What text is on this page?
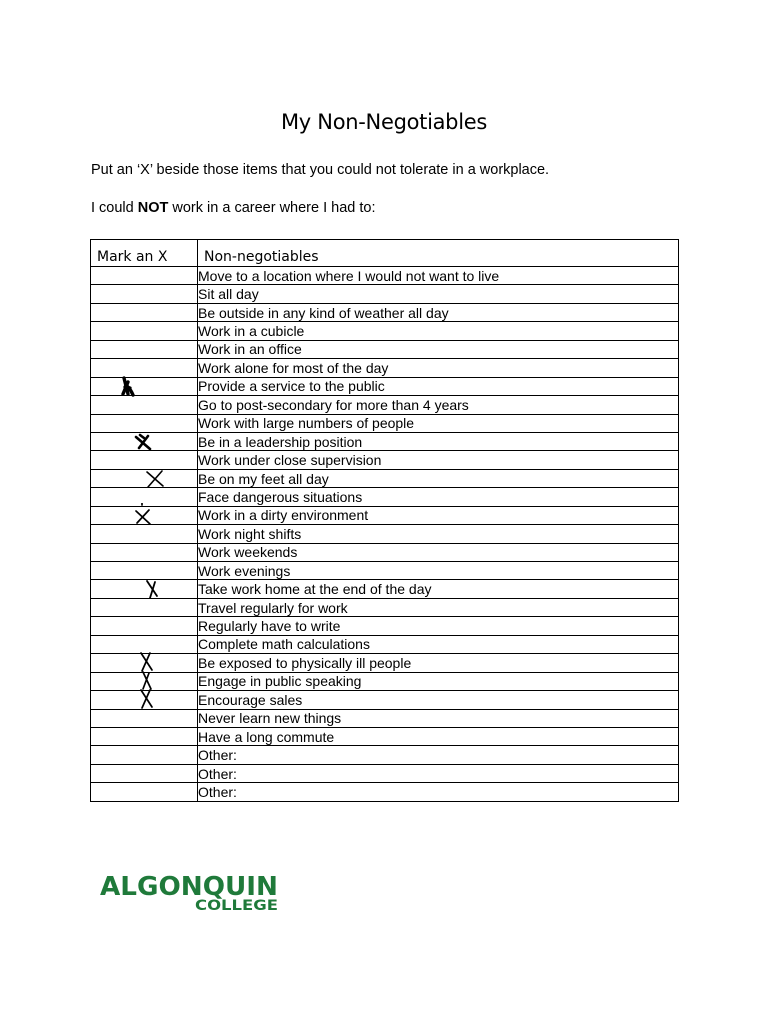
My Non-Negotiables
Put an ‘X’ beside those items that you could not tolerate in a workplace.
I could NOT work in a career where I had to:
Mark an X	Non-negotiables
	Move to a location where I would not want to live
	Sit all day
	Be outside in any kind of weather all day
	Work in a cubicle
	Work in an office
	Work alone for most of the day

	Provide a service to the public
	Go to post-secondary for more than 4 years
	Work with large numbers of people

	Be in a leadership position
	Work under close supervision

	Be on my feet all day
	Face dangerous situations

	Work in a dirty environment
	Work night shifts
	Work weekends
	Work evenings

	Take work home at the end of the day
	Travel regularly for work
	Regularly have to write
	Complete math calculations

	Be exposed to physically ill people

	Engage in public speaking

	Encourage sales
	Never learn new things
	Have a long commute
	Other:
	Other:
	Other:
ALGONQUIN
COLLEGE
